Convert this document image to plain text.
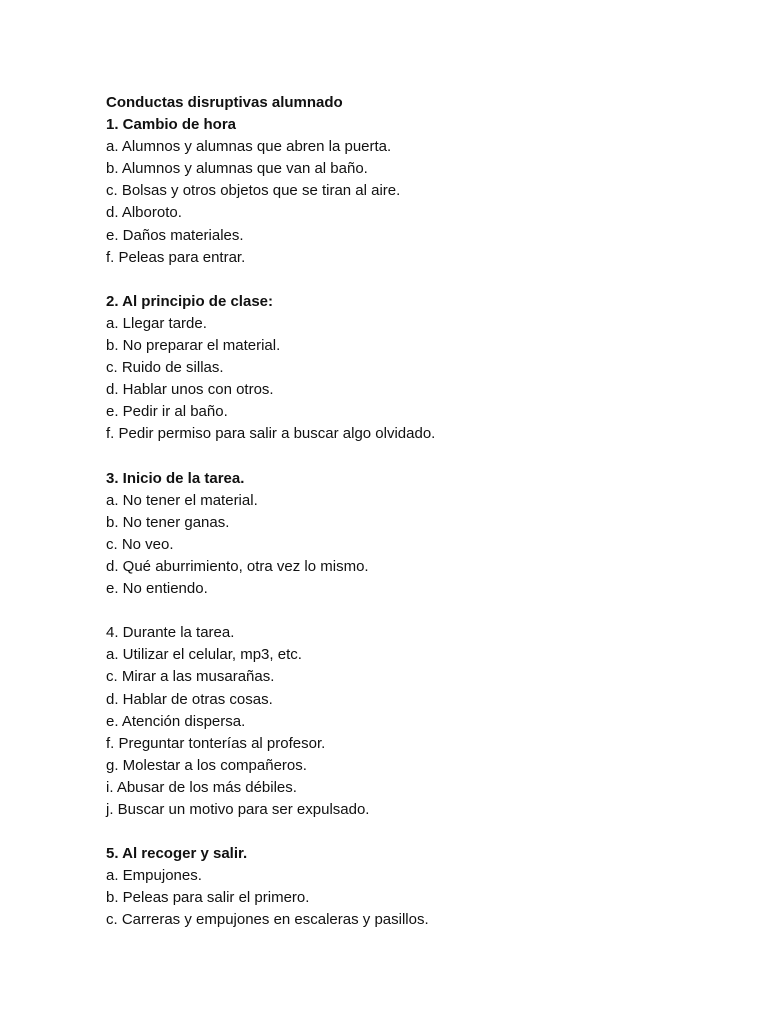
Conductas disruptivas alumnado
1. Cambio de hora
a. Alumnos y alumnas que abren la puerta.
b. Alumnos y alumnas que van al baño.
c. Bolsas y otros objetos que se tiran al aire.
d. Alboroto.
e. Daños materiales.
f. Peleas para entrar.
2. Al principio de clase:
a. Llegar tarde.
b. No preparar el material.
c. Ruido de sillas.
d. Hablar unos con otros.
e. Pedir ir al baño.
f. Pedir permiso para salir a buscar algo olvidado.
3. Inicio de la tarea.
a. No tener el material.
b. No tener ganas.
c. No veo.
d. Qué aburrimiento, otra vez lo mismo.
e. No entiendo.
4. Durante la tarea.
a. Utilizar el celular, mp3, etc.
c. Mirar a las musarañas.
d. Hablar de otras cosas.
e. Atención dispersa.
f. Preguntar tonterías al profesor.
g. Molestar a los compañeros.
i. Abusar de los más débiles.
j. Buscar un motivo para ser expulsado.
5. Al recoger y salir.
a. Empujones.
b. Peleas para salir el primero.
c. Carreras y empujones en escaleras y pasillos.
